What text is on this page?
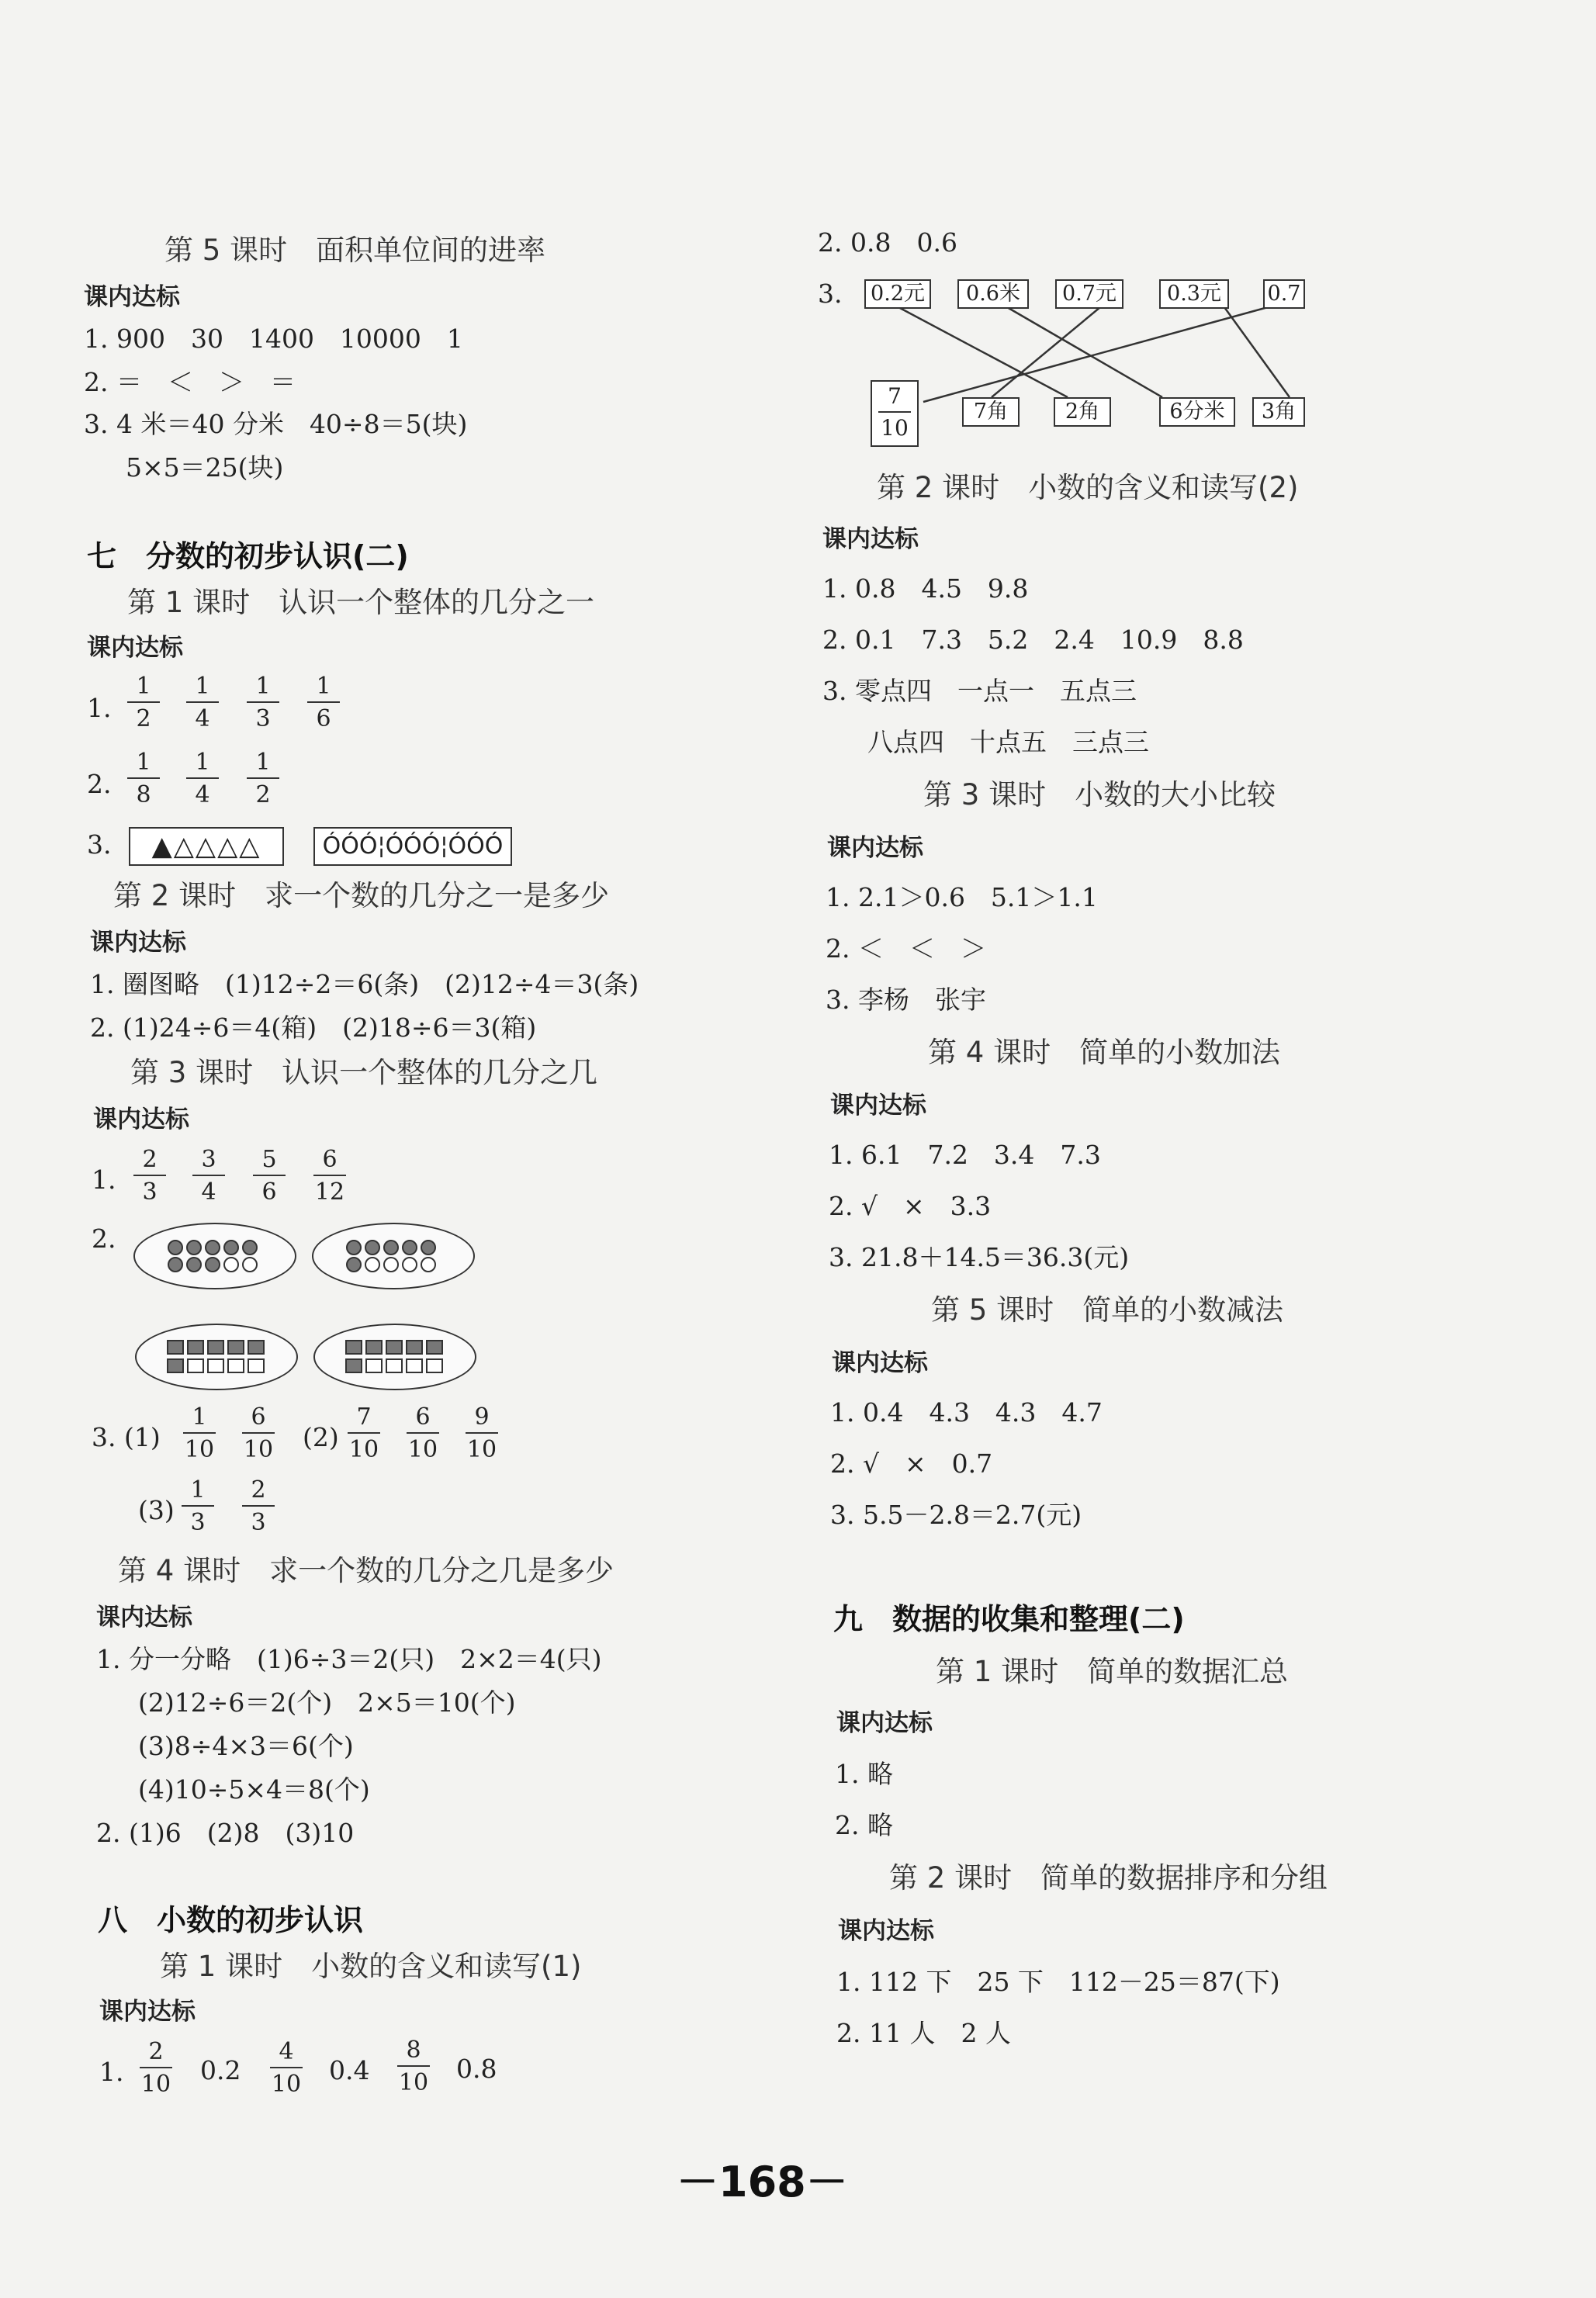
第 5 课时　面积单位间的进率
课内达标
1. 900　30　1400　10000　1
2. ＝　＜　＞　＝
3. 4 米＝40 分米　40÷8＝5(块)
5×5＝25(块)
七　分数的初步认识(二)
第 1 课时　认识一个整体的几分之一
课内达标
1.
1
2
1
4
1
3
1
6
2.
1
8
1
4
1
2
3.	▲△△△△	ÓÓÓ¦ÓÓÓ¦ÓÓÓ
第 2 课时　求一个数的几分之一是多少
课内达标
1. 圈图略　(1)12÷2＝6(条)　(2)12÷4＝3(条)
2. (1)24÷6＝4(箱)　(2)18÷6＝3(箱)
第 3 课时　认识一个整体的几分之几
课内达标
1.
2
3
3
4
5
6
6
12
2.
3. (1)
1
10
6
10 (2)
7
10
6
10
9
10
(3)
1
3
2
3
第 4 课时　求一个数的几分之几是多少
课内达标
1. 分一分略　(1)6÷3＝2(只)　2×2＝4(只)
(2)12÷6＝2(个)　2×5＝10(个)
(3)8÷4×3＝6(个)
(4)10÷5×4＝8(个)
2. (1)6　(2)8　(3)10
八　小数的初步认识
第 1 课时　小数的含义和读写(1)
课内达标
1.
2
10 0.2
4
10 0.4
8
10 0.8
2. 0.8　0.6
3. 0.2元	0.6米	0.7元	0.3元	0.7
7
10
7角	2角	6分米	3角
第 2 课时　小数的含义和读写(2)
课内达标
1. 0.8　4.5　9.8
2. 0.1　7.3　5.2　2.4　10.9　8.8
3. 零点四　一点一　五点三
八点四　十点五　三点三
第 3 课时　小数的大小比较
课内达标
1. 2.1＞0.6　5.1＞1.1
2. ＜　＜　＞
3. 李杨　张宇
第 4 课时　简单的小数加法
课内达标
1. 6.1　7.2　3.4　7.3
2. √　×　3.3
3. 21.8＋14.5＝36.3(元)
第 5 课时　简单的小数减法
课内达标
1. 0.4　4.3　4.3　4.7
2. √　×　0.7
3. 5.5－2.8＝2.7(元)
九　数据的收集和整理(二)
第 1 课时　简单的数据汇总
课内达标
1. 略
2. 略
第 2 课时　简单的数据排序和分组
课内达标
1. 112 下　25 下　112－25＝87(下)
2. 11 人　2 人
－168－
